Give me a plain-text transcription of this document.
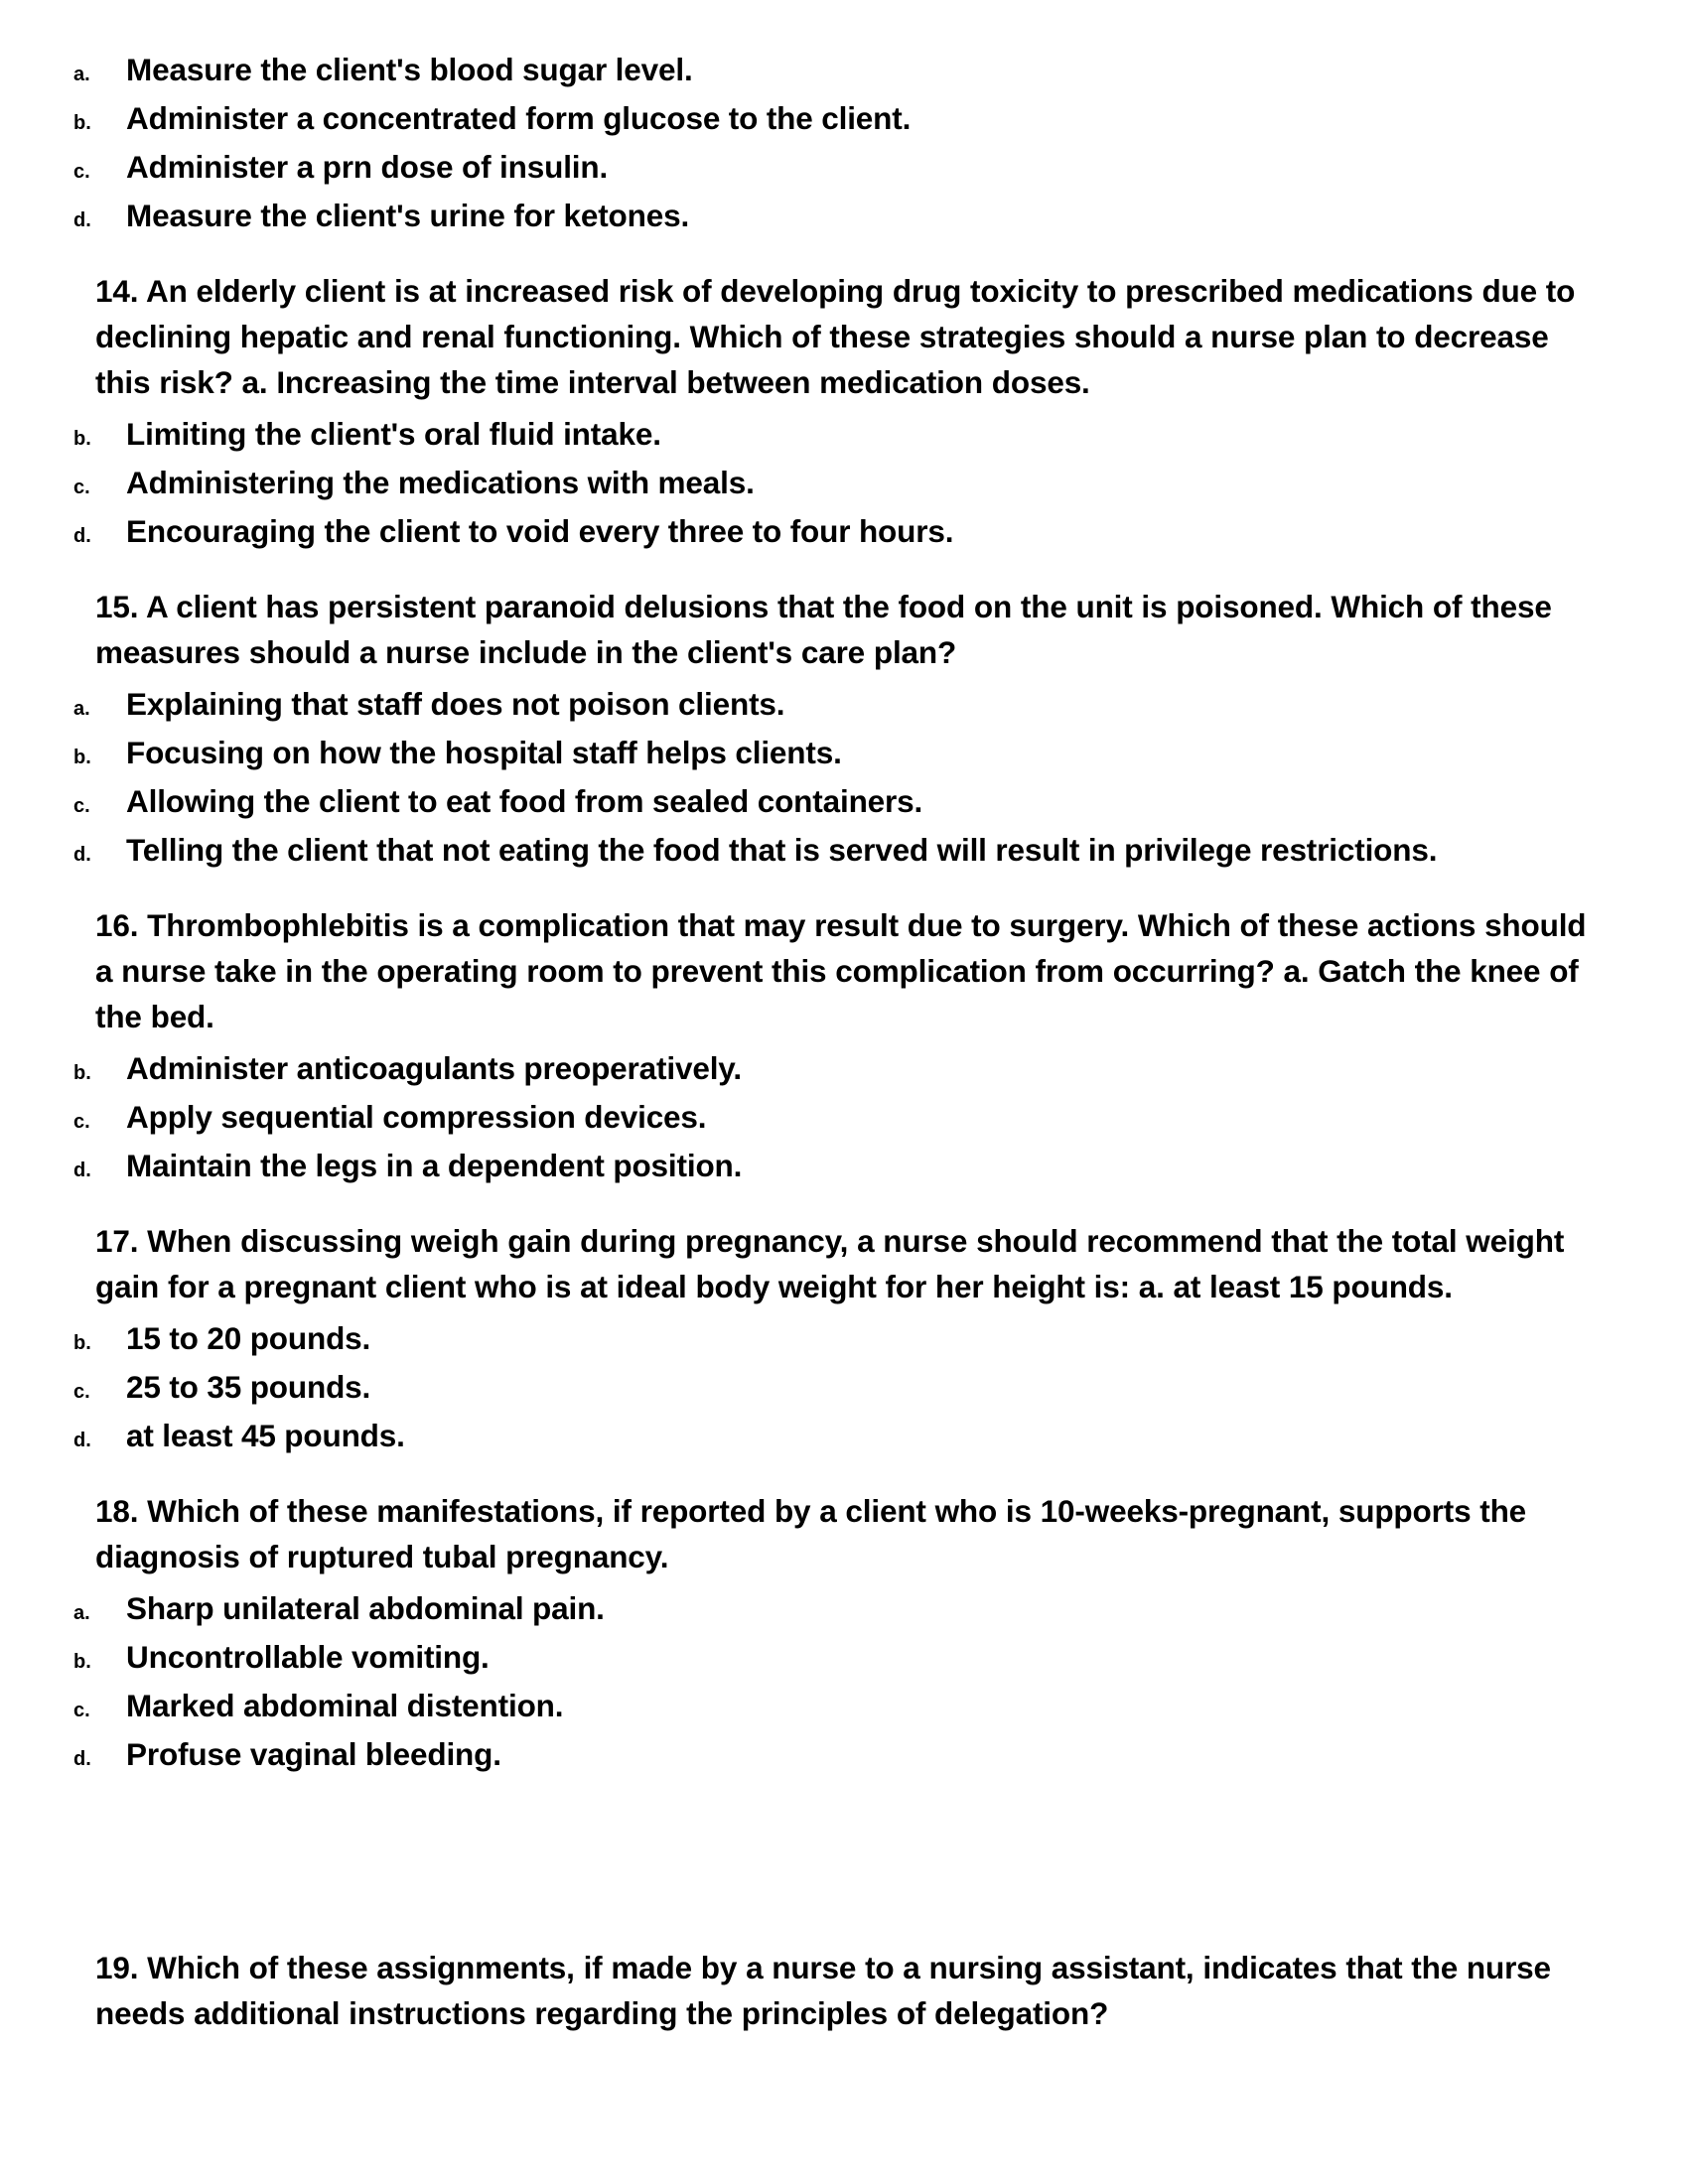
a. Measure the client's blood sugar level.
b. Administer a concentrated form glucose to the client.
c. Administer a prn dose of insulin.
d. Measure the client's urine for ketones.

14. An elderly client is at increased risk of developing drug toxicity to prescribed medications due to declining hepatic and renal functioning. Which of these strategies should a nurse plan to decrease this risk? a. Increasing the time interval between medication doses.

b. Limiting the client's oral fluid intake.
c. Administering the medications with meals.
d. Encouraging the client to void every three to four hours.

15. A client has persistent paranoid delusions that the food on the unit is poisoned. Which of these measures should a nurse include in the client's care plan?

a. Explaining that staff does not poison clients.
b. Focusing on how the hospital staff helps clients.
c. Allowing the client to eat food from sealed containers.
d. Telling the client that not eating the food that is served will result in privilege restrictions.

16. Thrombophlebitis is a complication that may result due to surgery. Which of these actions should a nurse take in the operating room to prevent this complication from occurring? a. Gatch the knee of the bed.

b. Administer anticoagulants preoperatively.
c. Apply sequential compression devices.
d. Maintain the legs in a dependent position.

17. When discussing weigh gain during pregnancy, a nurse should recommend that the total weight gain for a pregnant client who is at ideal body weight for her height is: a. at least 15 pounds.

b. 15 to 20 pounds.
c. 25 to 35 pounds.
d. at least 45 pounds.

18. Which of these manifestations, if reported by a client who is 10-weeks-pregnant, supports the diagnosis of ruptured tubal pregnancy.

a. Sharp unilateral abdominal pain.
b. Uncontrollable vomiting.
c. Marked abdominal distention.
d. Profuse vaginal bleeding.

19. Which of these assignments, if made by a nurse to a nursing assistant, indicates that the nurse needs additional instructions regarding the principles of delegation?
